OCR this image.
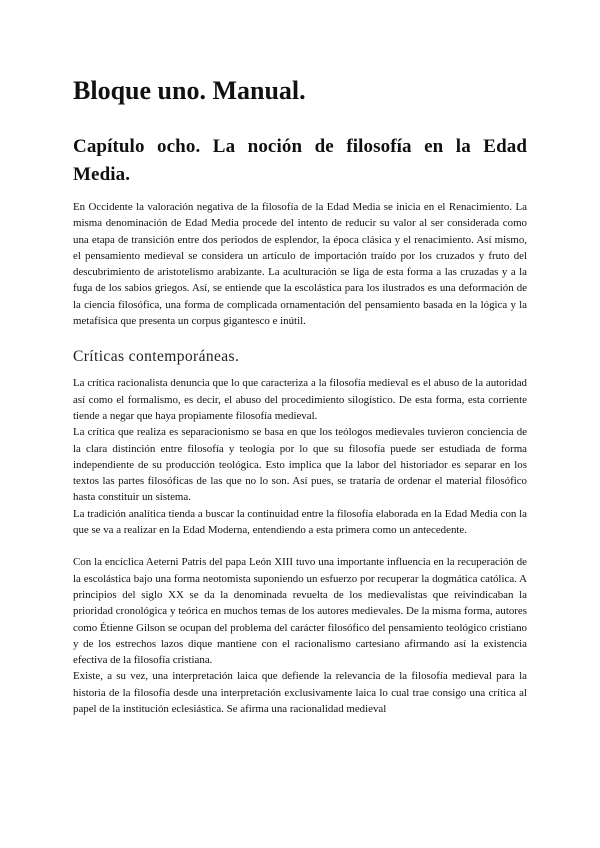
Bloque uno. Manual.
Capítulo ocho. La noción de filosofía en la Edad Media.

En Occidente la valoración negativa de la filosofía de la Edad Media se inicia en el Renacimiento. La misma denominación de Edad Media procede del intento de reducir su valor al ser considerada como una etapa de transición entre dos periodos de esplendor, la época clásica y el renacimiento. Así mismo, el pensamiento medieval se considera un artículo de importación traído por los cruzados y fruto del descubrimiento de aristotelismo arabizante. La aculturación se liga de esta forma a las cruzadas y a la fuga de los sabios griegos. Así, se entiende que la escolástica para los ilustrados es una deformación de la ciencia filosófica, una forma de complicada ornamentación del pensamiento basada en la lógica y la metafísica que presenta un corpus gigantesco e inútil.

Críticas contemporáneas.

La crítica racionalista denuncia que lo que caracteriza a la filosofía medieval es el abuso de la autoridad así como el formalismo, es decir, el abuso del procedimiento silogístico. De esta forma, esta corriente tiende a negar que haya propiamente filosofía medieval.

La crítica que realiza es separacionismo se basa en que los teólogos medievales tuvieron conciencia de la clara distinción entre filosofía y teología por lo que su filosofía puede ser estudiada de forma independiente de su producción teológica. Esto implica que la labor del historiador es separar en los textos las partes filosóficas de las que no lo son. Así pues, se trataría de ordenar el material filosófico hasta constituir un sistema.

La tradición analítica tienda a buscar la continuidad entre la filosofía elaborada en la Edad Media con la que se va a realizar en la Edad Moderna, entendiendo a esta primera como un antecedente.

Con la encíclica Aeterni Patris del papa León XIII tuvo una importante influencia en la recuperación de la escolástica bajo una forma neotomista suponiendo un esfuerzo por recuperar la dogmática católica. A principios del siglo XX se da la denominada revuelta de los medievalistas que reivindicaban la prioridad cronológica y teórica en muchos temas de los autores medievales. De la misma forma, autores como Étienne Gilson se ocupan del problema del carácter filosófico del pensamiento teológico cristiano y de los estrechos lazos dique mantiene con el racionalismo cartesiano afirmando así la existencia efectiva de la filosofía cristiana.

Existe, a su vez, una interpretación laica que defiende la relevancia de la filosofía medieval para la historia de la filosofía desde una interpretación exclusivamente laica lo cual trae consigo una crítica al papel de la institución eclesiástica. Se afirma una racionalidad medieval
